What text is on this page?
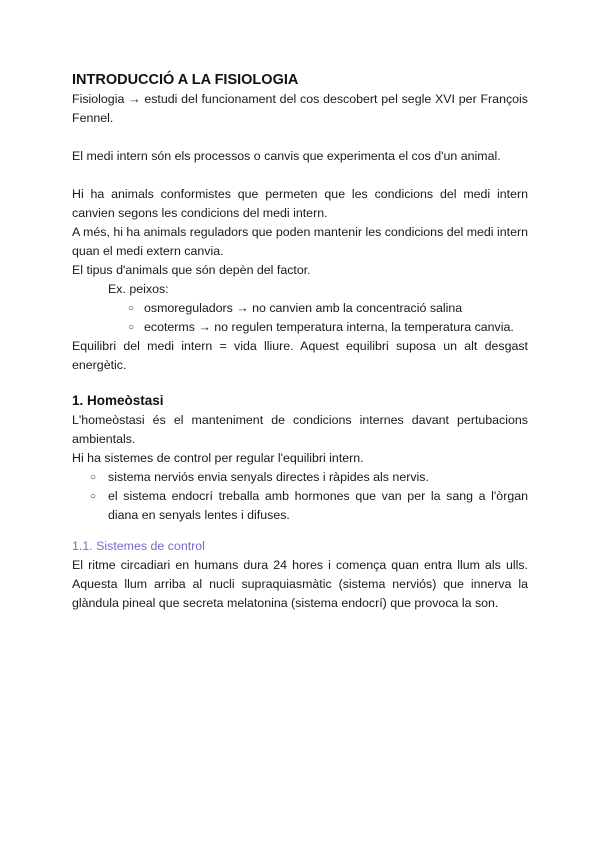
INTRODUCCIÓ A LA FISIOLOGIA

Fisiologia → estudi del funcionament del cos descobert pel segle XVI per François Fennel.

El medi intern són els processos o canvis que experimenta el cos d'un animal.

Hi ha animals conformistes que permeten que les condicions del medi intern canvien segons les condicions del medi intern.

A més, hi ha animals reguladors que poden mantenir les condicions del medi intern quan el medi extern canvia.

El tipus d'animals que són depèn del factor.

Ex. peixos:
○ osmoreguladors → no canvien amb la concentració salina
○ ecoterms → no regulen temperatura interna, la temperatura canvia.

Equilibri del medi intern = vida lliure. Aquest equilibri suposa un alt desgast energètic.

1. Homeòstasi

L'homeòstasi és el manteniment de condicions internes davant pertubacions ambientals.

Hi ha sistemes de control per regular l'equilibri intern.

○ sistema nerviós envia senyals directes i ràpides als nervis.
○ el sistema endocrí treballa amb hormones que van per la sang a l'òrgan diana en senyals lentes i difuses.
1.1. Sistemes de control

El ritme circadiari en humans dura 24 hores i comença quan entra llum als ulls. Aquesta llum arriba al nucli supraquiasmàtic (sistema nerviós) que innerva la glàndula pineal que secreta melatonina (sistema endocrí) que provoca la son.
